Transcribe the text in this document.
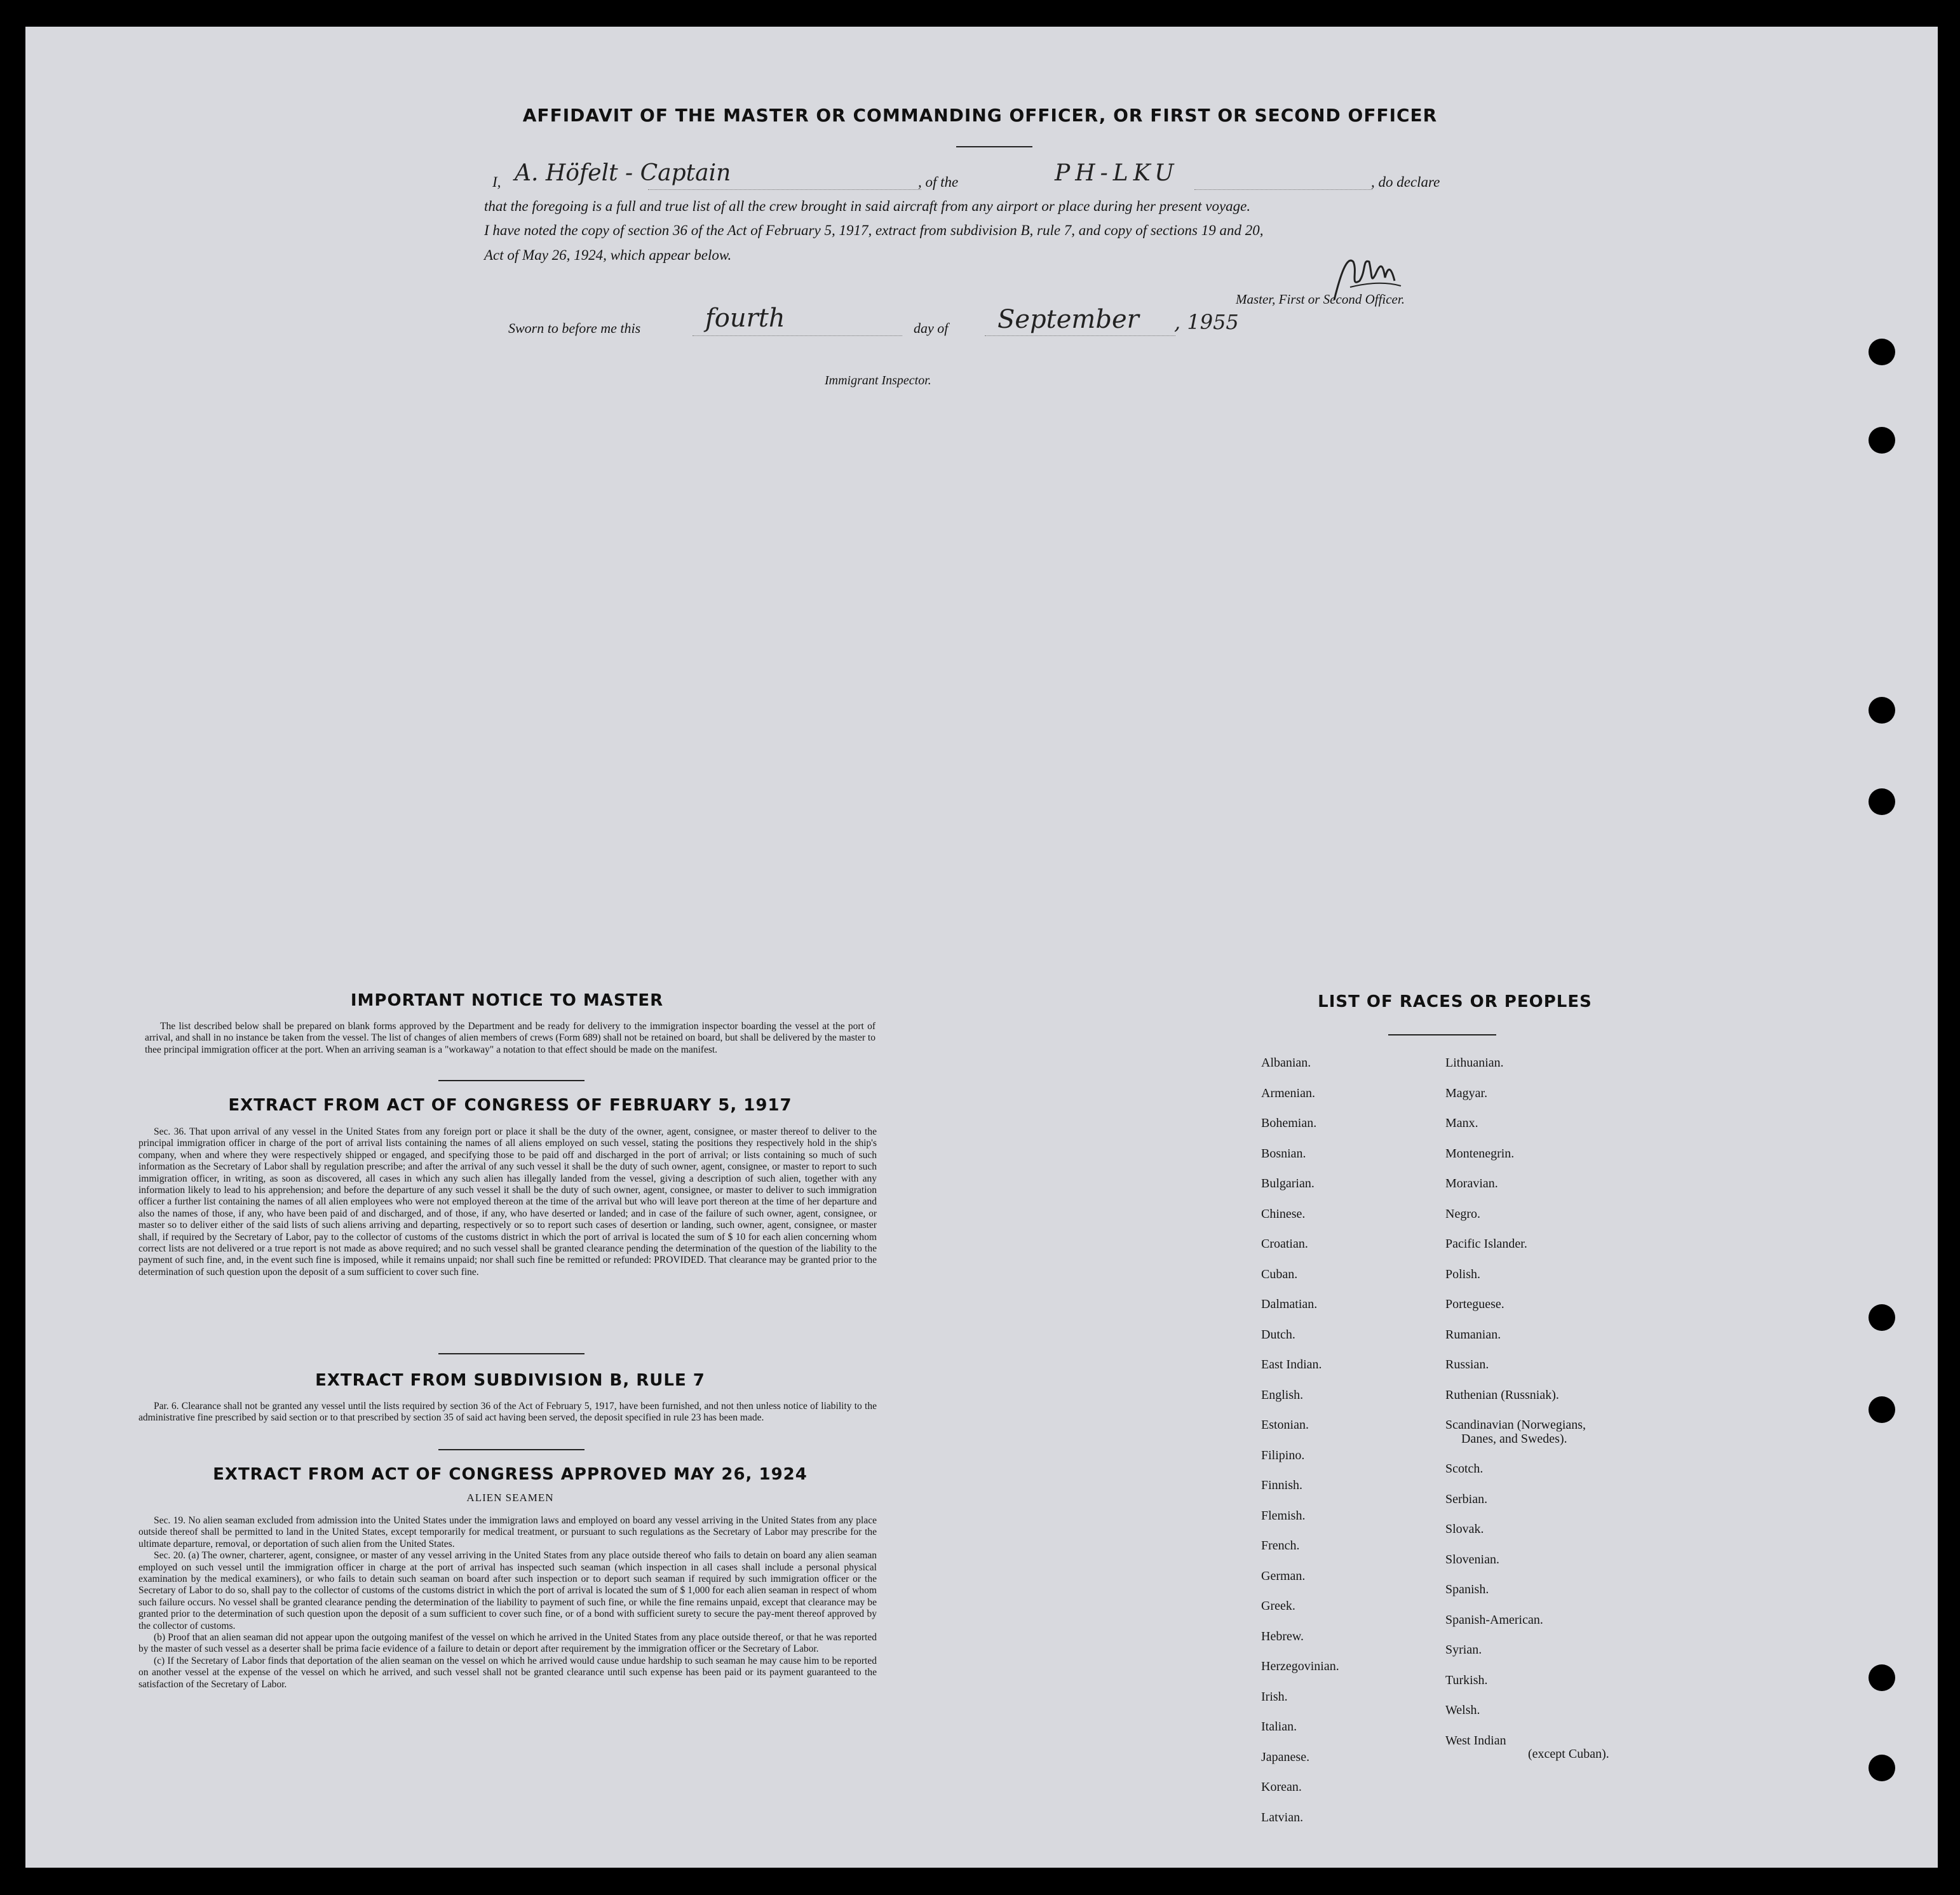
AFFIDAVIT OF THE MASTER OR COMMANDING OFFICER, OR FIRST OR SECOND OFFICER
I, A. Höfelt - Captain	, of the	PH-LKU	, do declare
that the foregoing is a full and true list of all the crew brought in said aircraft from any airport or place during her present voyage.
I have noted the copy of section 36 of the Act of February 5, 1917, extract from subdivision B, rule 7, and copy of sections 19 and 20,
Act of May 26, 1924, which appear below.
Master, First or Second Officer.
Sworn to before me this	fourth	day of September , 1955
Immigrant Inspector.
IMPORTANT NOTICE TO MASTER

The list described below shall be prepared on blank forms approved by the Department and be ready for delivery to the immigration inspector boarding the vessel at the port of arrival, and shall in no instance be taken from the vessel. The list of changes of alien members of crews (Form 689) shall not be retained on board, but shall be delivered by the master to thee principal immigration officer at the port. When an arriving seaman is a "workaway" a notation to that effect should be made on the manifest.

EXTRACT FROM ACT OF CONGRESS OF FEBRUARY 5, 1917

Sec. 36. That upon arrival of any vessel in the United States from any foreign port or place it shall be the duty of the owner, agent, consignee, or master thereof to deliver to the principal immigration officer in charge of the port of arrival lists containing the names of all aliens employed on such vessel, stating the positions they respectively hold in the ship's company, when and where they were respectively shipped or engaged, and specifying those to be paid off and discharged in the port of arrival; or lists containing so much of such information as the Secretary of Labor shall by regulation prescribe; and after the arrival of any such vessel it shall be the duty of such owner, agent, consignee, or master to report to such immigration officer, in writing, as soon as discovered, all cases in which any such alien has illegally landed from the vessel, giving a description of such alien, together with any information likely to lead to his apprehension; and before the departure of any such vessel it shall be the duty of such owner, agent, consignee, or master to deliver to such immigration officer a further list containing the names of all alien employees who were not employed thereon at the time of the arrival but who will leave port thereon at the time of her departure and also the names of those, if any, who have been paid of and discharged, and of those, if any, who have deserted or landed; and in case of the failure of such owner, agent, consignee, or master so to deliver either of the said lists of such aliens arriving and departing, respectively or so to report such cases of desertion or landing, such owner, agent, consignee, or master shall, if required by the Secretary of Labor, pay to the collector of customs of the customs district in which the port of arrival is located the sum of $ 10 for each alien concerning whom correct lists are not delivered or a true report is not made as above required; and no such vessel shall be granted clearance pending the determination of the question of the liability to the payment of such fine, and, in the event such fine is imposed, while it remains unpaid; nor shall such fine be remitted or refunded: PROVIDED. That clearance may be granted prior to the determination of such question upon the deposit of a sum sufficient to cover such fine.

EXTRACT FROM SUBDIVISION B, RULE 7

Par. 6. Clearance shall not be granted any vessel until the lists required by section 36 of the Act of February 5, 1917, have been furnished, and not then unless notice of liability to the administrative fine prescribed by said section or to that prescribed by section 35 of said act having been served, the deposit specified in rule 23 has been made.

EXTRACT FROM ACT OF CONGRESS APPROVED MAY 26, 1924
ALIEN SEAMEN

Sec. 19. No alien seaman excluded from admission into the United States under the immigration laws and employed on board any vessel arriving in the United States from any place outside thereof shall be permitted to land in the United States, except temporarily for medical treatment, or pursuant to such regulations as the Secretary of Labor may prescribe for the ultimate departure, removal, or deportation of such alien from the United States.

Sec. 20. (a) The owner, charterer, agent, consignee, or master of any vessel arriving in the United States from any place outside thereof who fails to detain on board any alien seaman employed on such vessel until the immigration officer in charge at the port of arrival has inspected such seaman (which inspection in all cases shall include a personal physical examination by the medical examiners), or who fails to detain such seaman on board after such inspection or to deport such seaman if required by such immigration officer or the Secretary of Labor to do so, shall pay to the collector of customs of the customs district in which the port of arrival is located the sum of $ 1,000 for each alien seaman in respect of whom such failure occurs. No vessel shall be granted clearance pending the determination of the liability to payment of such fine, or while the fine remains unpaid, except that clearance may be granted prior to the determination of such question upon the deposit of a sum sufficient to cover such fine, or of a bond with sufficient surety to secure the pay-ment thereof approved by the collector of customs.

(b) Proof that an alien seaman did not appear upon the outgoing manifest of the vessel on which he arrived in the United States from any place outside thereof, or that he was reported by the master of such vessel as a deserter shall be prima facie evidence of a failure to detain or deport after requirement by the immigration officer or the Secretary of Labor.

(c) If the Secretary of Labor finds that deportation of the alien seaman on the vessel on which he arrived would cause undue hardship to such seaman he may cause him to be reported on another vessel at the expense of the vessel on which he arrived, and such vessel shall not be granted clearance until such expense has been paid or its payment guaranteed to the satisfaction of the Secretary of Labor.

LIST OF RACES OR PEOPLES
Albanian.
Armenian.
Bohemian.
Bosnian.
Bulgarian.
Chinese.
Croatian.
Cuban.
Dalmatian.
Dutch.
East Indian.
English.
Estonian.
Filipino.
Finnish.
Flemish.
French.
German.
Greek.
Hebrew.
Herzegovinian.
Irish.
Italian.
Japanese.
Korean.
Latvian.
Lithuanian.
Magyar.
Manx.
Montenegrin.
Moravian.
Negro.
Pacific Islander.
Polish.
Porteguese.
Rumanian.
Russian.
Ruthenian (Russniak).
Scandinavian (Norwegians,
Danes, and Swedes).
Scotch.
Serbian.
Slovak.
Slovenian.
Spanish.
Spanish-American.
Syrian.
Turkish.
Welsh.
West Indian
(except Cuban).
